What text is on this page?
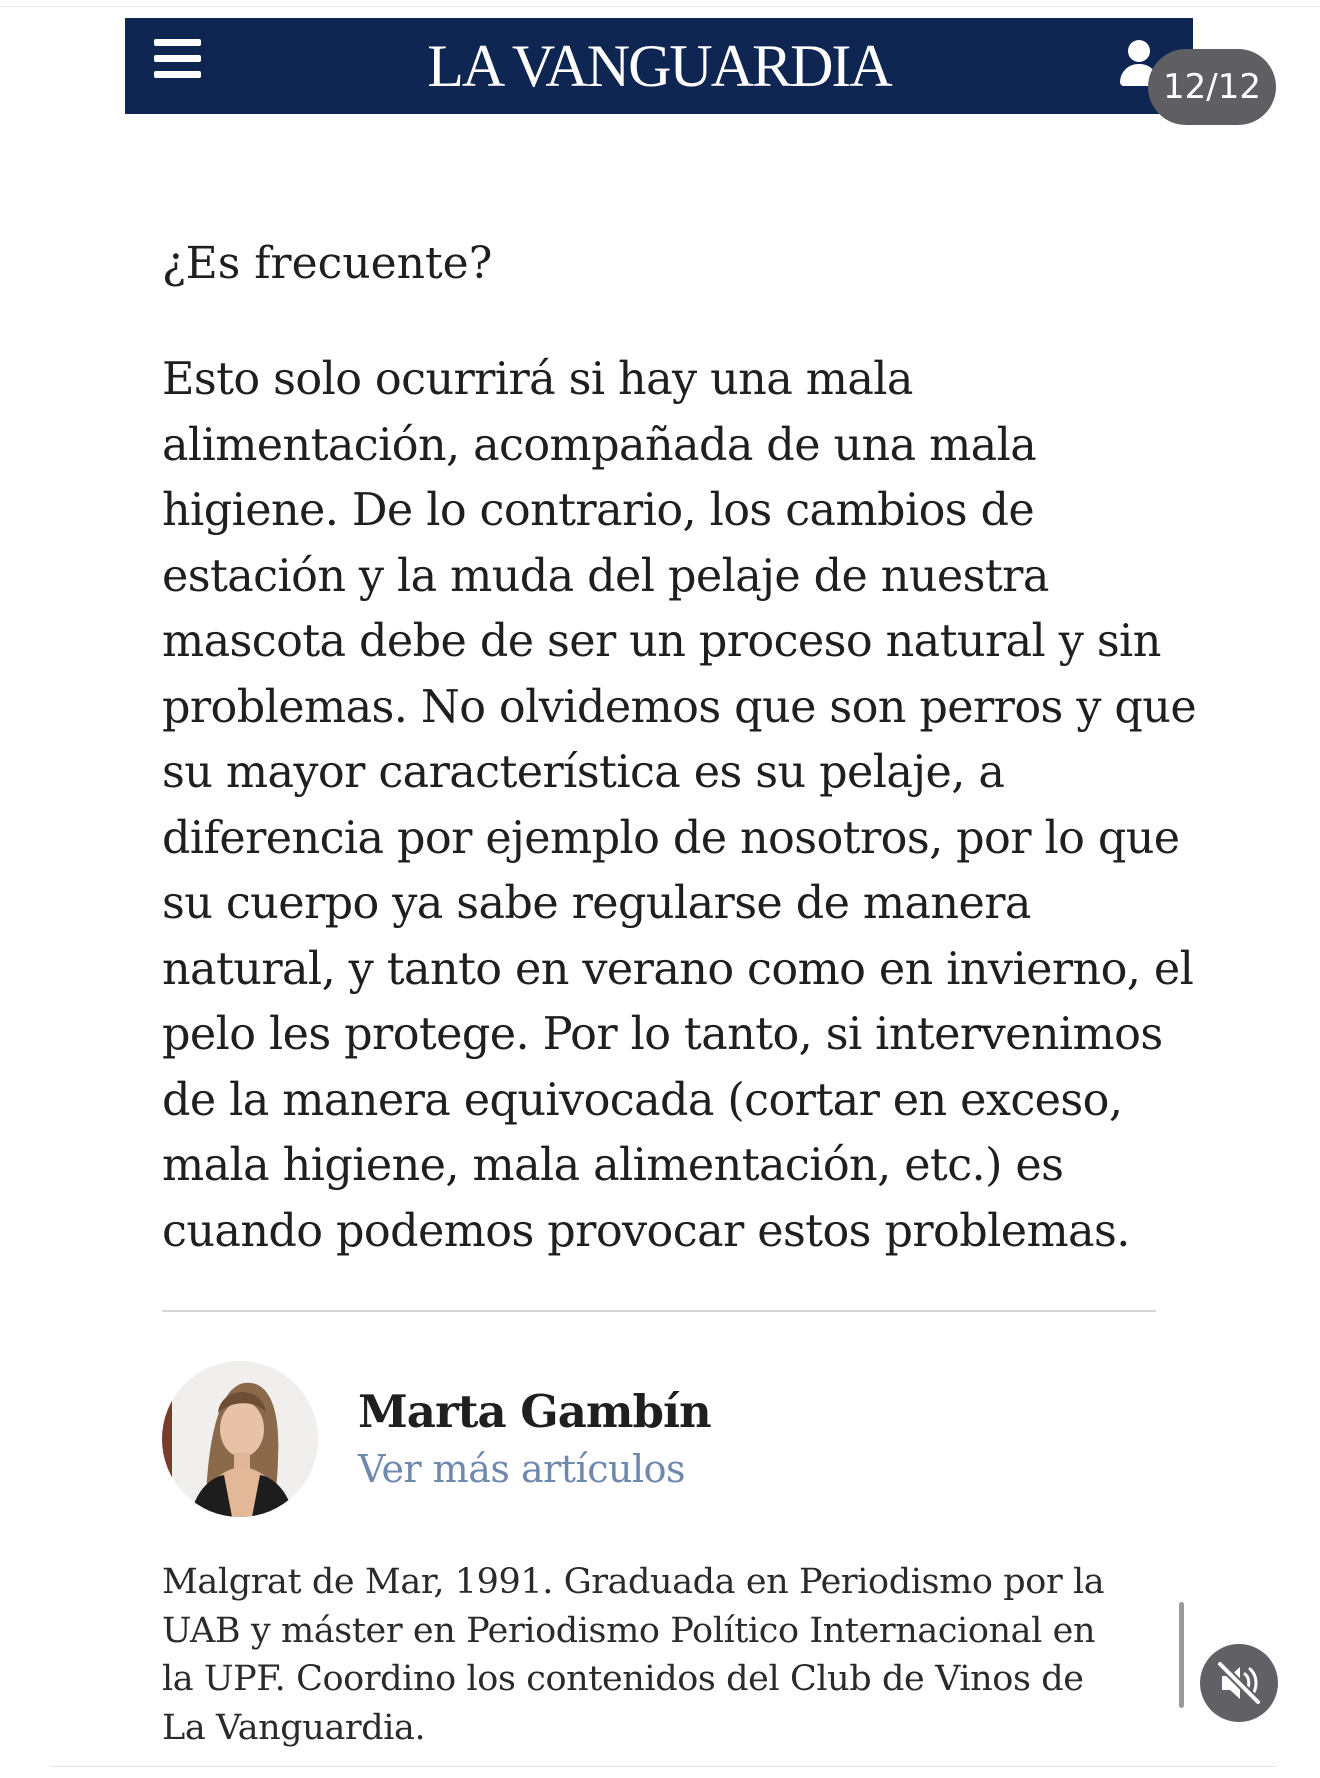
LA VANGUARDIA	12/12
¿Es frecuente?

Esto solo ocurrirá si hay una mala
alimentación, acompañada de una mala
higiene. De lo contrario, los cambios de
estación y la muda del pelaje de nuestra
mascota debe de ser un proceso natural y sin
problemas. No olvidemos que son perros y que
su mayor característica es su pelaje, a
diferencia por ejemplo de nosotros, por lo que
su cuerpo ya sabe regularse de manera
natural, y tanto en verano como en invierno, el
pelo les protege. Por lo tanto, si intervenimos
de la manera equivocada (cortar en exceso,
mala higiene, mala alimentación, etc.) es
cuando podemos provocar estos problemas.

Marta Gambín
Ver más artículos

Malgrat de Mar, 1991. Graduada en Periodismo por la
UAB y máster en Periodismo Político Internacional en
la UPF. Coordino los contenidos del Club de Vinos de
La Vanguardia.
